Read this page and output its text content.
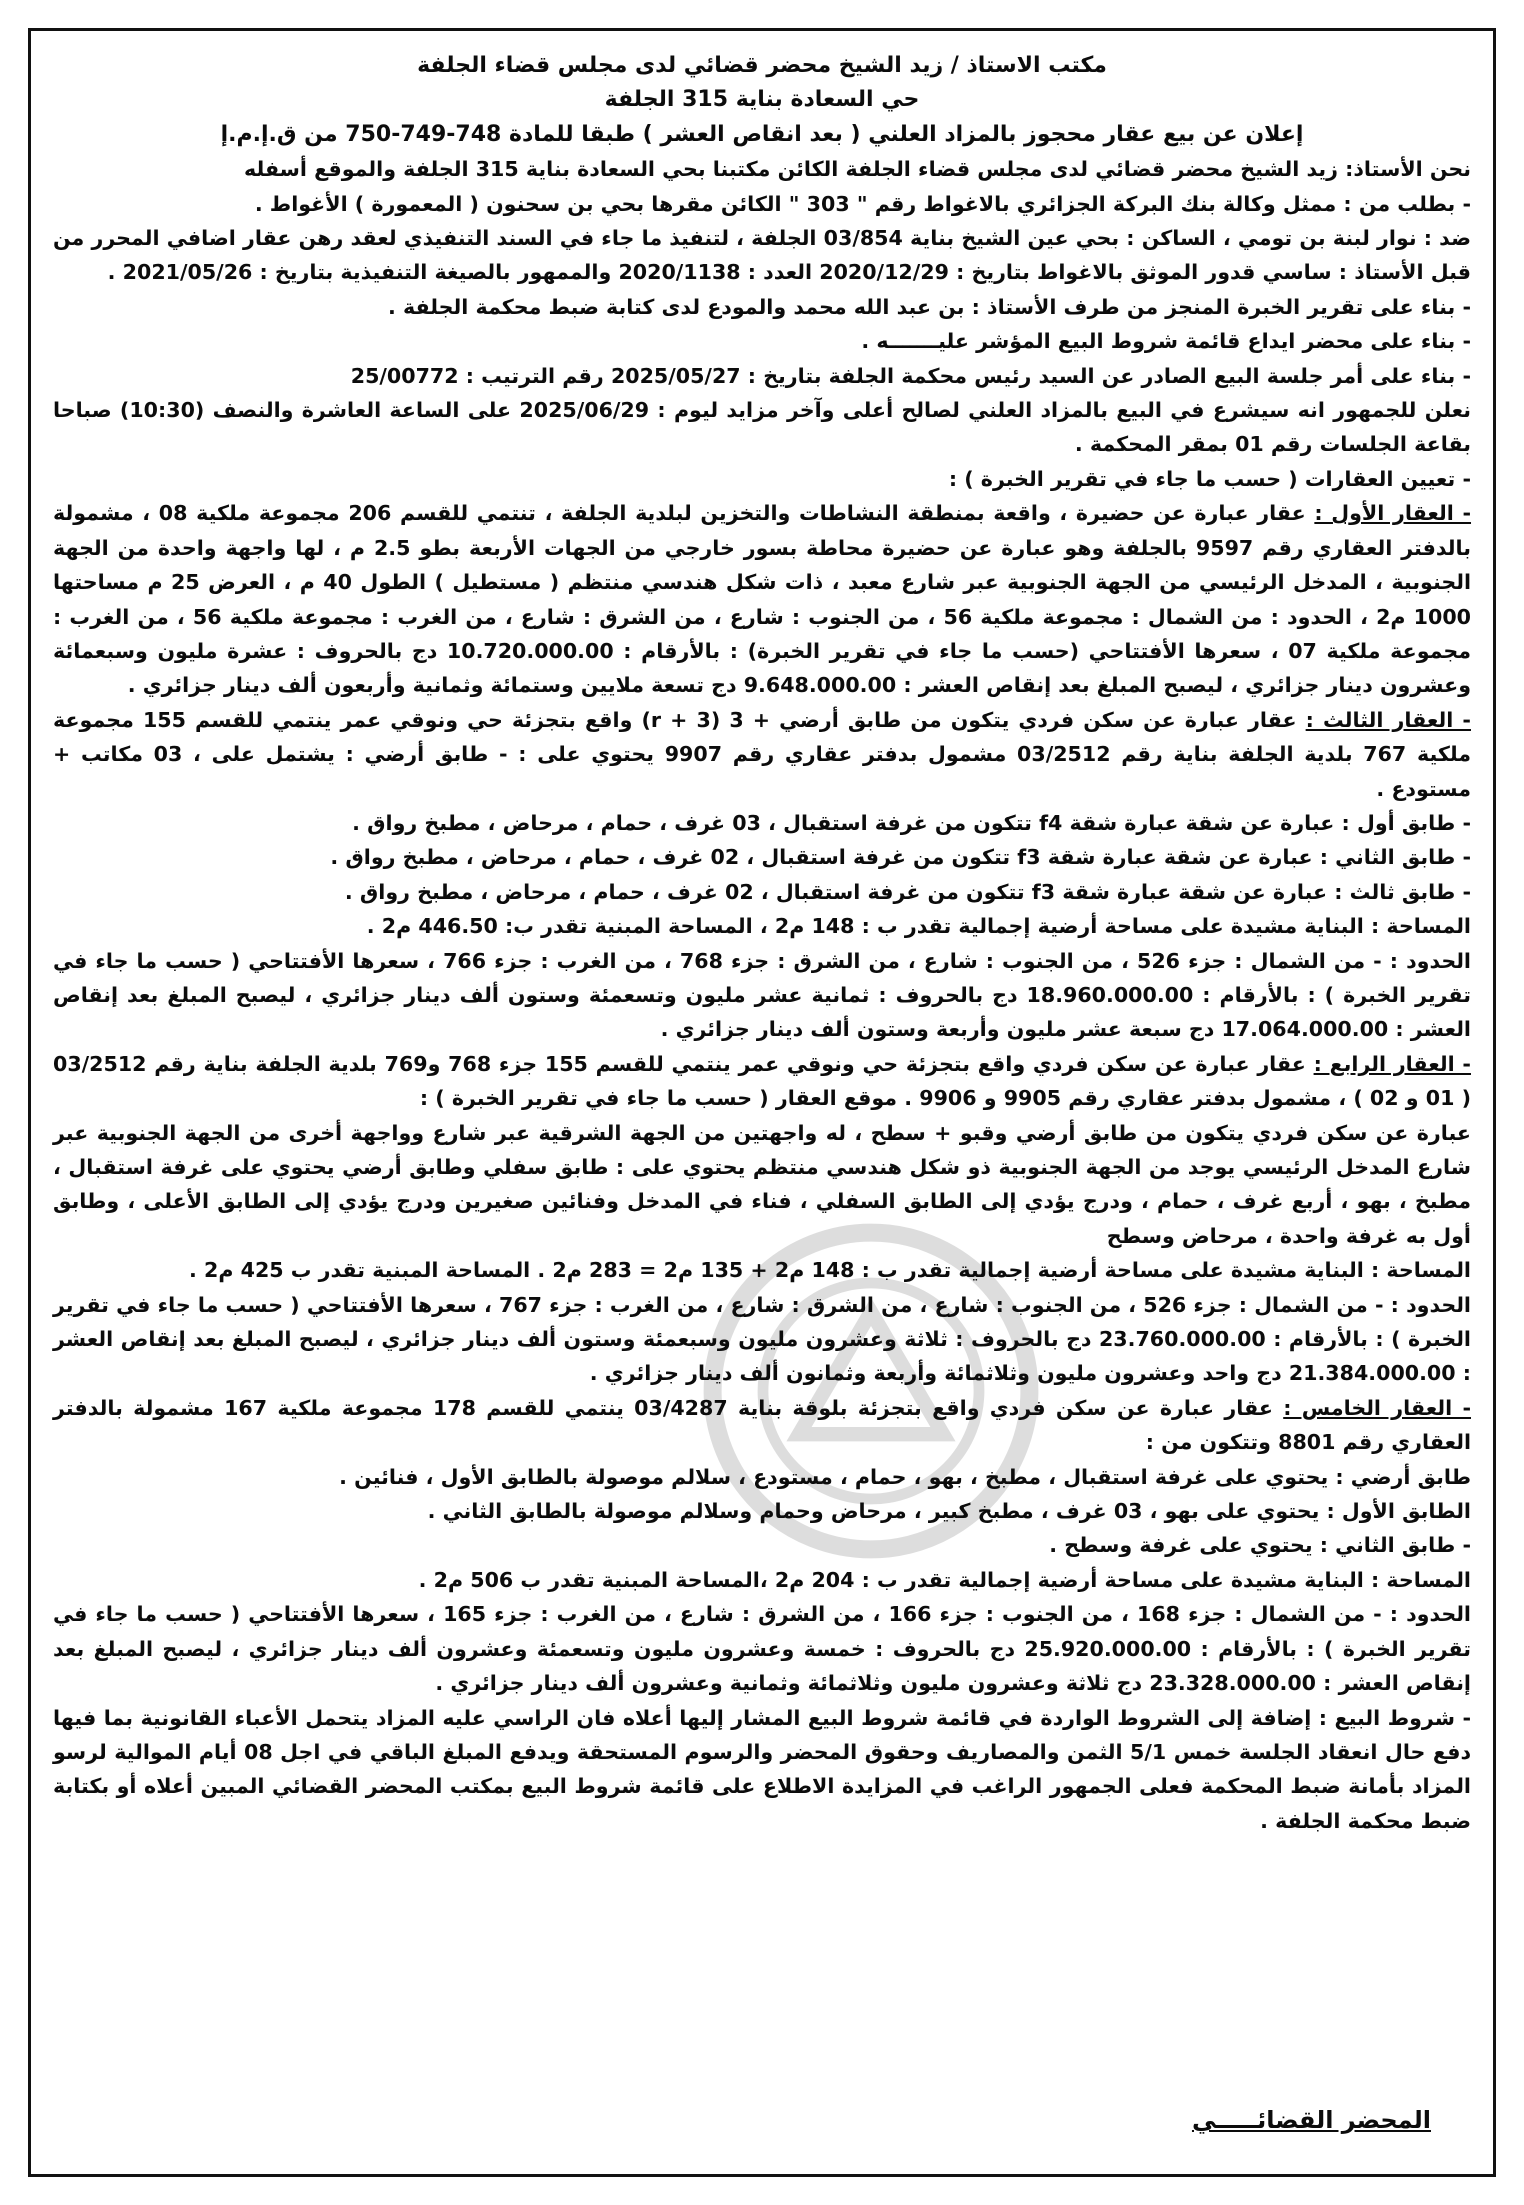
مكتب الاستاذ / زيد الشيخ محضر قضائي لدى مجلس قضاء الجلفة

حي السعادة بناية 315 الجلفة

إعلان عن بيع عقار محجوز بالمزاد العلني ( بعد انقاص العشر ) طبقا للمادة 748-749-750 من ق.إ.م.إ

نحن الأستاذ: زيد الشيخ محضر قضائي لدى مجلس قضاء الجلفة الكائن مكتبنا بحي السعادة بناية 315 الجلفة والموقع أسفله

- بطلب من : ممثل وكالة بنك البركة الجزائري بالاغواط رقم " 303 " الكائن مقرها بحي بن سحنون ( المعمورة ) الأغواط .

ضد : نوار لبنة بن تومي ، الساكن : بحي عين الشيخ بناية 03/854 الجلفة ، لتنفيذ ما جاء في السند التنفيذي لعقد رهن عقار اضافي المحرر من قبل الأستاذ : ساسي قدور الموثق بالاغواط بتاريخ : 2020/12/29 العدد : 2020/1138 والممهور بالصيغة التنفيذية بتاريخ : 2021/05/26 .

- بناء على تقرير الخبرة المنجز من طرف الأستاذ : بن عبد الله محمد والمودع لدى كتابة ضبط محكمة الجلفة .

- بناء على محضر ايداع قائمة شروط البيع المؤشر عليـــــــه .

- بناء على أمر جلسة البيع الصادر عن السيد رئيس محكمة الجلفة بتاريخ : 2025/05/27 رقم الترتيب : 25/00772

نعلن للجمهور انه سيشرع في البيع بالمزاد العلني لصالح أعلى وآخر مزايد ليوم : 2025/06/29 على الساعة العاشرة والنصف (10:30) صباحا بقاعة الجلسات رقم 01 بمقر المحكمة .

- تعيين العقارات ( حسب ما جاء في تقرير الخبرة ) :

- العقار الأول : عقار عبارة عن حضيرة ، واقعة بمنطقة النشاطات والتخزين لبلدية الجلفة ، تنتمي للقسم 206 مجموعة ملكية 08 ، مشمولة بالدفتر العقاري رقم 9597 بالجلفة وهو عبارة عن حضيرة محاطة بسور خارجي من الجهات الأربعة بطو 2.5 م ، لها واجهة واحدة من الجهة الجنوبية ، المدخل الرئيسي من الجهة الجنوبية عبر شارع معبد ، ذات شكل هندسي منتظم ( مستطيل ) الطول 40 م ، العرض 25 م مساحتها 1000 م2 ، الحدود : من الشمال : مجموعة ملكية 56 ، من الجنوب : شارع ، من الشرق : شارع ، من الغرب : مجموعة ملكية 56 ، من الغرب : مجموعة ملكية 07 ، سعرها الأفتتاحي (حسب ما جاء في تقرير الخبرة) : بالأرقام : 10.720.000.00 دج بالحروف : عشرة مليون وسبعمائة وعشرون دينار جزائري ، ليصبح المبلغ بعد إنقاص العشر : 9.648.000.00 دج تسعة ملايين وستمائة وثمانية وأربعون ألف دينار جزائري .

- العقار الثالث : عقار عبارة عن سكن فردي يتكون من طابق أرضي + 3 (3 + r) واقع بتجزئة حي ونوقي عمر ينتمي للقسم 155 مجموعة ملكية 767 بلدية الجلفة بناية رقم 03/2512 مشمول بدفتر عقاري رقم 9907 يحتوي على : - طابق أرضي : يشتمل على ، 03 مكاتب + مستودع .

- طابق أول : عبارة عن شقة عبارة شقة f4 تتكون من غرفة استقبال ، 03 غرف ، حمام ، مرحاض ، مطبخ رواق .

- طابق الثاني : عبارة عن شقة عبارة شقة f3 تتكون من غرفة استقبال ، 02 غرف ، حمام ، مرحاض ، مطبخ رواق .

- طابق ثالث : عبارة عن شقة عبارة شقة f3 تتكون من غرفة استقبال ، 02 غرف ، حمام ، مرحاض ، مطبخ رواق .

المساحة : البناية مشيدة على مساحة أرضية إجمالية تقدر ب : 148 م2 ، المساحة المبنية تقدر ب: 446.50 م2 .

الحدود : - من الشمال : جزء 526 ، من الجنوب : شارع ، من الشرق : جزء 768 ، من الغرب : جزء 766 ، سعرها الأفتتاحي ( حسب ما جاء في تقرير الخبرة ) : بالأرقام : 18.960.000.00 دج بالحروف : ثمانية عشر مليون وتسعمئة وستون ألف دينار جزائري ، ليصبح المبلغ بعد إنقاص العشر : 17.064.000.00 دج سبعة عشر مليون وأربعة وستون ألف دينار جزائري .

- العقار الرابع : عقار عبارة عن سكن فردي واقع بتجزئة حي ونوقي عمر ينتمي للقسم 155 جزء 768 و769 بلدية الجلفة بناية رقم 03/2512 ( 01 و 02 ) ، مشمول بدفتر عقاري رقم 9905 و 9906 . موقع العقار ( حسب ما جاء في تقرير الخبرة ) :

عبارة عن سكن فردي يتكون من طابق أرضي وقبو + سطح ، له واجهتين من الجهة الشرقية عبر شارع وواجهة أخرى من الجهة الجنوبية عبر شارع المدخل الرئيسي يوجد من الجهة الجنوبية ذو شكل هندسي منتظم يحتوي على : طابق سفلي وطابق أرضي يحتوي على غرفة استقبال ، مطبخ ، بهو ، أربع غرف ، حمام ، ودرج يؤدي إلى الطابق السفلي ، فناء في المدخل وفنائين صغيرين ودرج يؤدي إلى الطابق الأعلى ، وطابق أول به غرفة واحدة ، مرحاض وسطح

المساحة : البناية مشيدة على مساحة أرضية إجمالية تقدر ب : 148 م2 + 135 م2 = 283 م2 . المساحة المبنية تقدر ب 425 م2 .

الحدود : - من الشمال : جزء 526 ، من الجنوب : شارع ، من الشرق : شارع ، من الغرب : جزء 767 ، سعرها الأفتتاحي ( حسب ما جاء في تقرير الخبرة ) : بالأرقام : 23.760.000.00 دج بالحروف : ثلاثة وعشرون مليون وسبعمئة وستون ألف دينار جزائري ، ليصبح المبلغ بعد إنقاص العشر : 21.384.000.00 دج واحد وعشرون مليون وثلاثمائة وأربعة وثمانون ألف دينار جزائري .

- العقار الخامس : عقار عبارة عن سكن فردي واقع بتجزئة بلوقة بناية 03/4287 ينتمي للقسم 178 مجموعة ملكية 167 مشمولة بالدفتر العقاري رقم 8801 وتتكون من :

طابق أرضي : يحتوي على غرفة استقبال ، مطبخ ، بهو ، حمام ، مستودع ، سلالم موصولة بالطابق الأول ، فنائين .

الطابق الأول : يحتوي على بهو ، 03 غرف ، مطبخ كبير ، مرحاض وحمام وسلالم موصولة بالطابق الثاني .

- طابق الثاني : يحتوي على غرفة وسطح .

المساحة : البناية مشيدة على مساحة أرضية إجمالية تقدر ب : 204 م2 ،المساحة المبنية تقدر ب 506 م2 .

الحدود : - من الشمال : جزء 168 ، من الجنوب : جزء 166 ، من الشرق : شارع ، من الغرب : جزء 165 ، سعرها الأفتتاحي ( حسب ما جاء في تقرير الخبرة ) : بالأرقام : 25.920.000.00 دج بالحروف : خمسة وعشرون مليون وتسعمئة وعشرون ألف دينار جزائري ، ليصبح المبلغ بعد إنقاص العشر : 23.328.000.00 دج ثلاثة وعشرون مليون وثلاثمائة وثمانية وعشرون ألف دينار جزائري .

- شروط البيع : إضافة إلى الشروط الواردة في قائمة شروط البيع المشار إليها أعلاه فان الراسي عليه المزاد يتحمل الأعباء القانونية بما فيها دفع حال انعقاد الجلسة خمس 5/1 الثمن والمصاريف وحقوق المحضر والرسوم المستحقة ويدفع المبلغ الباقي في اجل 08 أيام الموالية لرسو المزاد بأمانة ضبط المحكمة فعلى الجمهور الراغب في المزايدة الاطلاع على قائمة شروط البيع بمكتب المحضر القضائي المبين أعلاه أو بكتابة ضبط محكمة الجلفة .

المحضر القضائـــــي
